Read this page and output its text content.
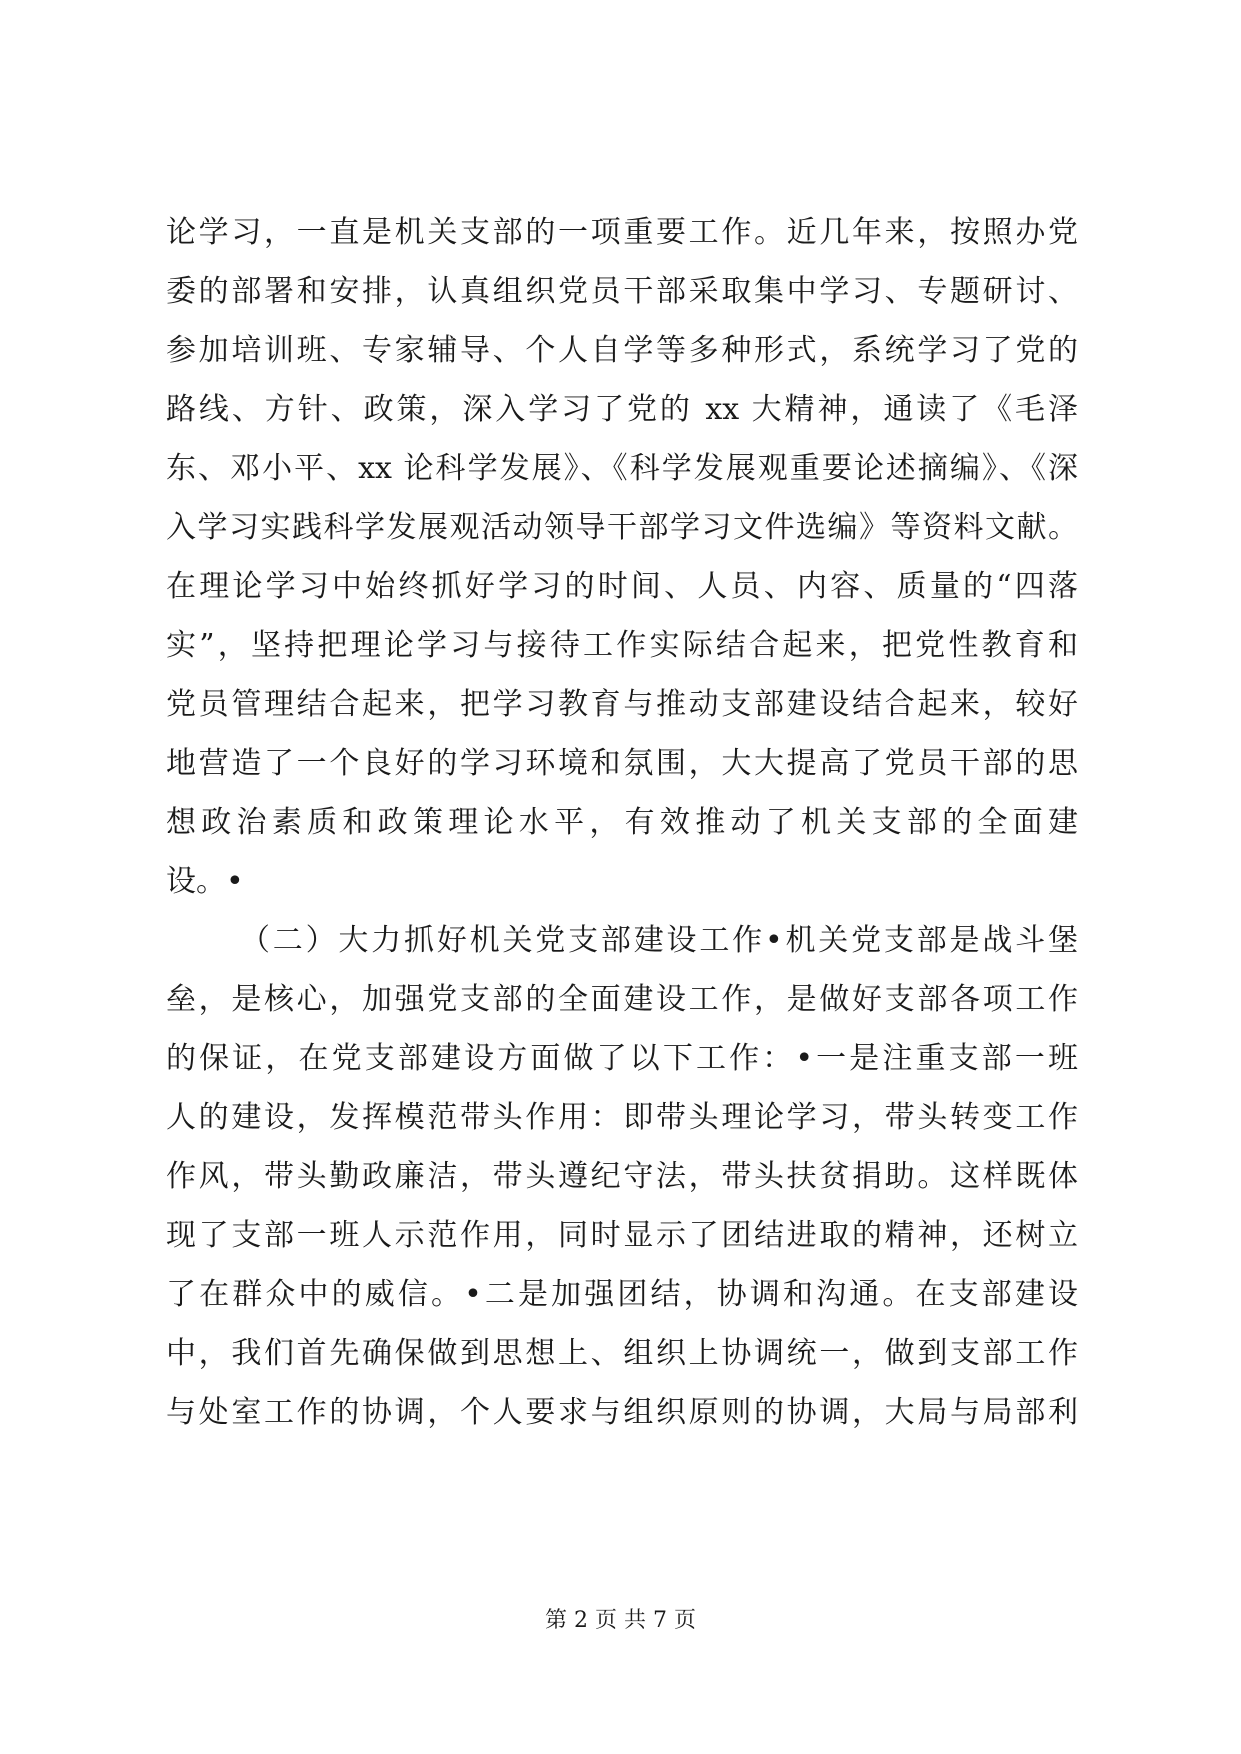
论学习，一直是机关支部的一项重要工作。近几年来，按照办党
委的部署和安排，认真组织党员干部采取集中学习、专题研讨、
参加培训班、专家辅导、个人自学等多种形式，系统学习了党的
路线、方针、政策，深入学习了党的 xx 大精神，通读了《毛泽
东、邓小平、xx 论科学发展》、《科学发展观重要论述摘编》、《深
入学习实践科学发展观活动领导干部学习文件选编》等资料文献。
在理论学习中始终抓好学习的时间、人员、内容、质量的“四落
实”，坚持把理论学习与接待工作实际结合起来，把党性教育和
党员管理结合起来，把学习教育与推动支部建设结合起来，较好
地营造了一个良好的学习环境和氛围，大大提高了党员干部的思
想政治素质和政策理论水平，有效推动了机关支部的全面建
设。•
（二）大力抓好机关党支部建设工作•机关党支部是战斗堡
垒，是核心，加强党支部的全面建设工作，是做好支部各项工作
的保证，在党支部建设方面做了以下工作：•一是注重支部一班
人的建设，发挥模范带头作用：即带头理论学习，带头转变工作
作风，带头勤政廉洁，带头遵纪守法，带头扶贫捐助。这样既体
现了支部一班人示范作用，同时显示了团结进取的精神，还树立
了在群众中的威信。•二是加强团结，协调和沟通。在支部建设
中，我们首先确保做到思想上、组织上协调统一，做到支部工作
与处室工作的协调，个人要求与组织原则的协调，大局与局部利
第 2 页 共 7 页
